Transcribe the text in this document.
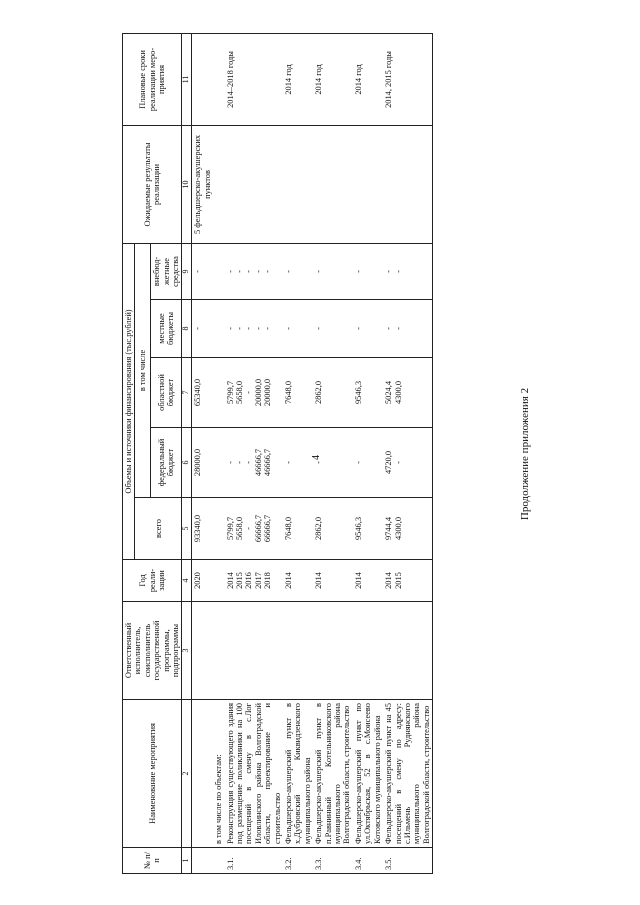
4	Продолжение приложения 2
№ п/п	Наименование мероприятия	Ответственный исполнитель, соисполнитель государственной программы, подпрограммы	Год реали- зации	Объемы и источники финансирования (тыс.рублей)					Ожидаемые результаты реализации	Плановые сроки реализации меро- приятия
				всего	в том числе					
					федеральный бюджет	областной бюджет	местные бюджеты	внебюд- жетные средства		
1	2	3	4	5	6	7	8	9	10	11

			2020	93340,0	28000,0	65340,0	-	-	5 фельдшерско-акушерских пунктов	
	в том числе по объектам:									
3.1.	Реконструкция существующего здания под размещение поликлиники на 100 посещений в смену в с.Лог Иловлинского района Волгоградской области, проектирование и строительство		2014 2015 2016 2017 2018	5799,7 5658,0 - 66666,7 66666,7	- - - 46666,7 46666,7	5799,7 5658,0 - 20000,0 20000,0	- - - - -	- - - - -		2014–2018 годы
3.2.	Фельдшерско-акушерский пункт в х.Дубровский Киквидзенского муниципального района		2014	7648,0	-	7648,0	-	-		2014 год
3.3.	Фельдшерско-акушерский пункт в п.Равнинный Котельниковского муниципального района Волгоградской области, строительство		2014	2862,0	-	2862,0	-	-		2014 год
3.4.	Фельдшерско-акушерский пункт по ул.Октябрьская, 52 в с.Моисеево Котовского муниципального района		2014	9546,3	-	9546,3	-	-		2014 год
3.5.	Фельдшерско-акушерский пункт на 45 посещений в смену по адресу: с.Ильмень Руднянского муниципального района Волгоградской области, строительство		2014 2015	9744,4 4300,0	4720,0 -	5024,4 4300,0	- -	- -		2014, 2015 годы
